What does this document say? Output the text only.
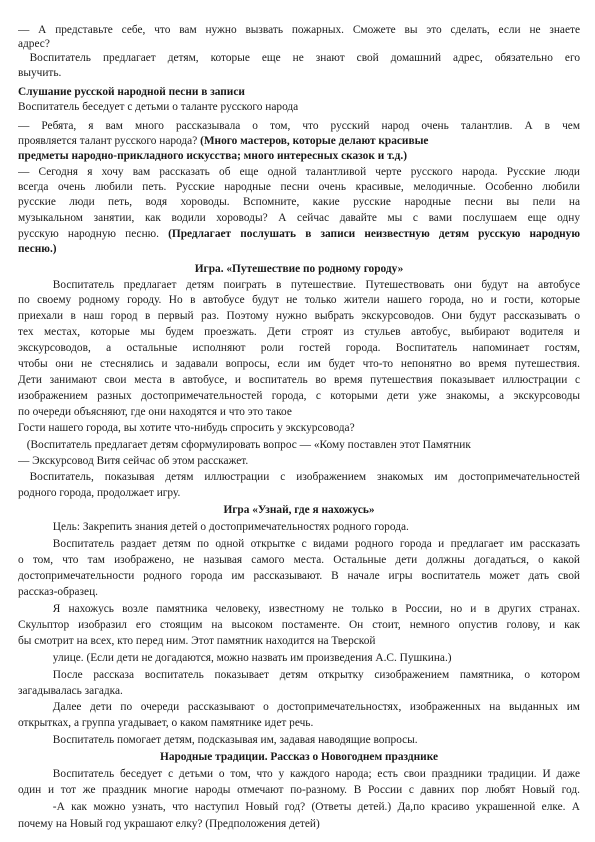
— А представьте себе, что вам нужно вызвать пожарных. Сможете вы это сделать, если не знаете
адрес?
Воспитатель предлагает детям, которые еще не знают свой домашний адрес, обязательно его
выучить.
Слушание русской народной песни в записи
Воспитатель беседует с детьми о таланте русского народа
— Ребята, я вам много рассказывала о том, что русский народ очень талантлив. А в чем
проявляется талант русского народа? (Много мастеров, которые делают красивые
предметы народно-прикладного искусства; много интересных сказок и т.д.)
— Сегодня я хочу вам рассказать об еще одной талантливой черте русского народа. Русские люди
всегда очень любили петь. Русские народные песни очень красивые, мелодичные. Особенно любили
русские люди петь, водя хороводы. Вспомните, какие русские народные песни вы пели на
музыкальном занятии, как водили хороводы? А сейчас давайте мы с вами послушаем еще одну
русскую народную песню. (Предлагает послушать в записи неизвестную детям русскую народную
песню.)
Игра. «Путешествие по родному городу»
Воспитатель предлагает детям поиграть в путешествие. Путешествовать они будут на автобусе
по своему родному городу. Но в автобусе будут не только жители нашего города, но и гости, которые
приехали в наш город в первый раз. Поэтому нужно выбрать экскурсоводов. Они будут рассказывать о
тех местах, которые мы будем проезжать. Дети строят из стульев автобус, выбирают водителя и
экскурсоводов, а остальные исполняют роли гостей города. Воспитатель напоминает гостям,
чтобы они не стеснялись и задавали вопросы, если им будет что-то непонятно во время путешествия.
Дети занимают свои места в автобусе, и воспитатель во время путешествия показывает иллюстрации с
изображением разных достопримечательностей города, с которыми дети уже знакомы, а экскурсоводы
по очереди объясняют, где они находятся и что это такое
Гости нашего города, вы хотите что-нибудь спросить у экскурсовода?
(Воспитатель предлагает детям сформулировать вопрос — «Кому поставлен этот Памятник
— Экскурсовод Витя сейчас об этом расскажет.
Воспитатель, показывая детям иллюстрации с изображением знакомых им достопримечательностей
родного города, продолжает игру.
Игра «Узнай, где я нахожусь»
Цель: Закрепить знания детей о достопримечательностях родного города.
Воспитатель раздает детям по одной открытке с видами родного города и предлагает им рассказать
о том, что там изображено, не называя самого места. Остальные дети должны догадаться, о какой
достопримечательности родного города им рассказывают. В начале игры воспитатель может дать свой
рассказ-образец.
Я нахожусь возле памятника человеку, известному не только в России, но и в других странах.
Скульптор изобразил его стоящим на высоком постаменте. Он стоит, немного опустив голову, и как
бы смотрит на всех, кто перед ним. Этот памятник находится на Тверской
улице. (Если дети не догадаются, можно назвать им произведения А.С. Пушкина.)
После рассказа воспитатель показывает детям открытку сизображением памятника, о котором
загадывалась загадка.
Далее дети по очереди рассказывают о достопримечательностях, изображенных на выданных им
открытках, а группа угадывает, о каком памятнике идет речь.
Воспитатель помогает детям, подсказывая им, задавая наводящие вопросы.
Народные традиции. Рассказ о Новогоднем празднике
Воспитатель беседует с детьми о том, что у каждого народа; есть свои праздники традиции. И даже
один и тот же праздник многие народы отмечают по-разному. В России с давних пор любят Новый год.
-А как можно узнать, что наступил Новый год? (Ответы детей.) Да,по красиво украшенной елке. А
почему на Новый год украшают елку? (Предположения детей)
